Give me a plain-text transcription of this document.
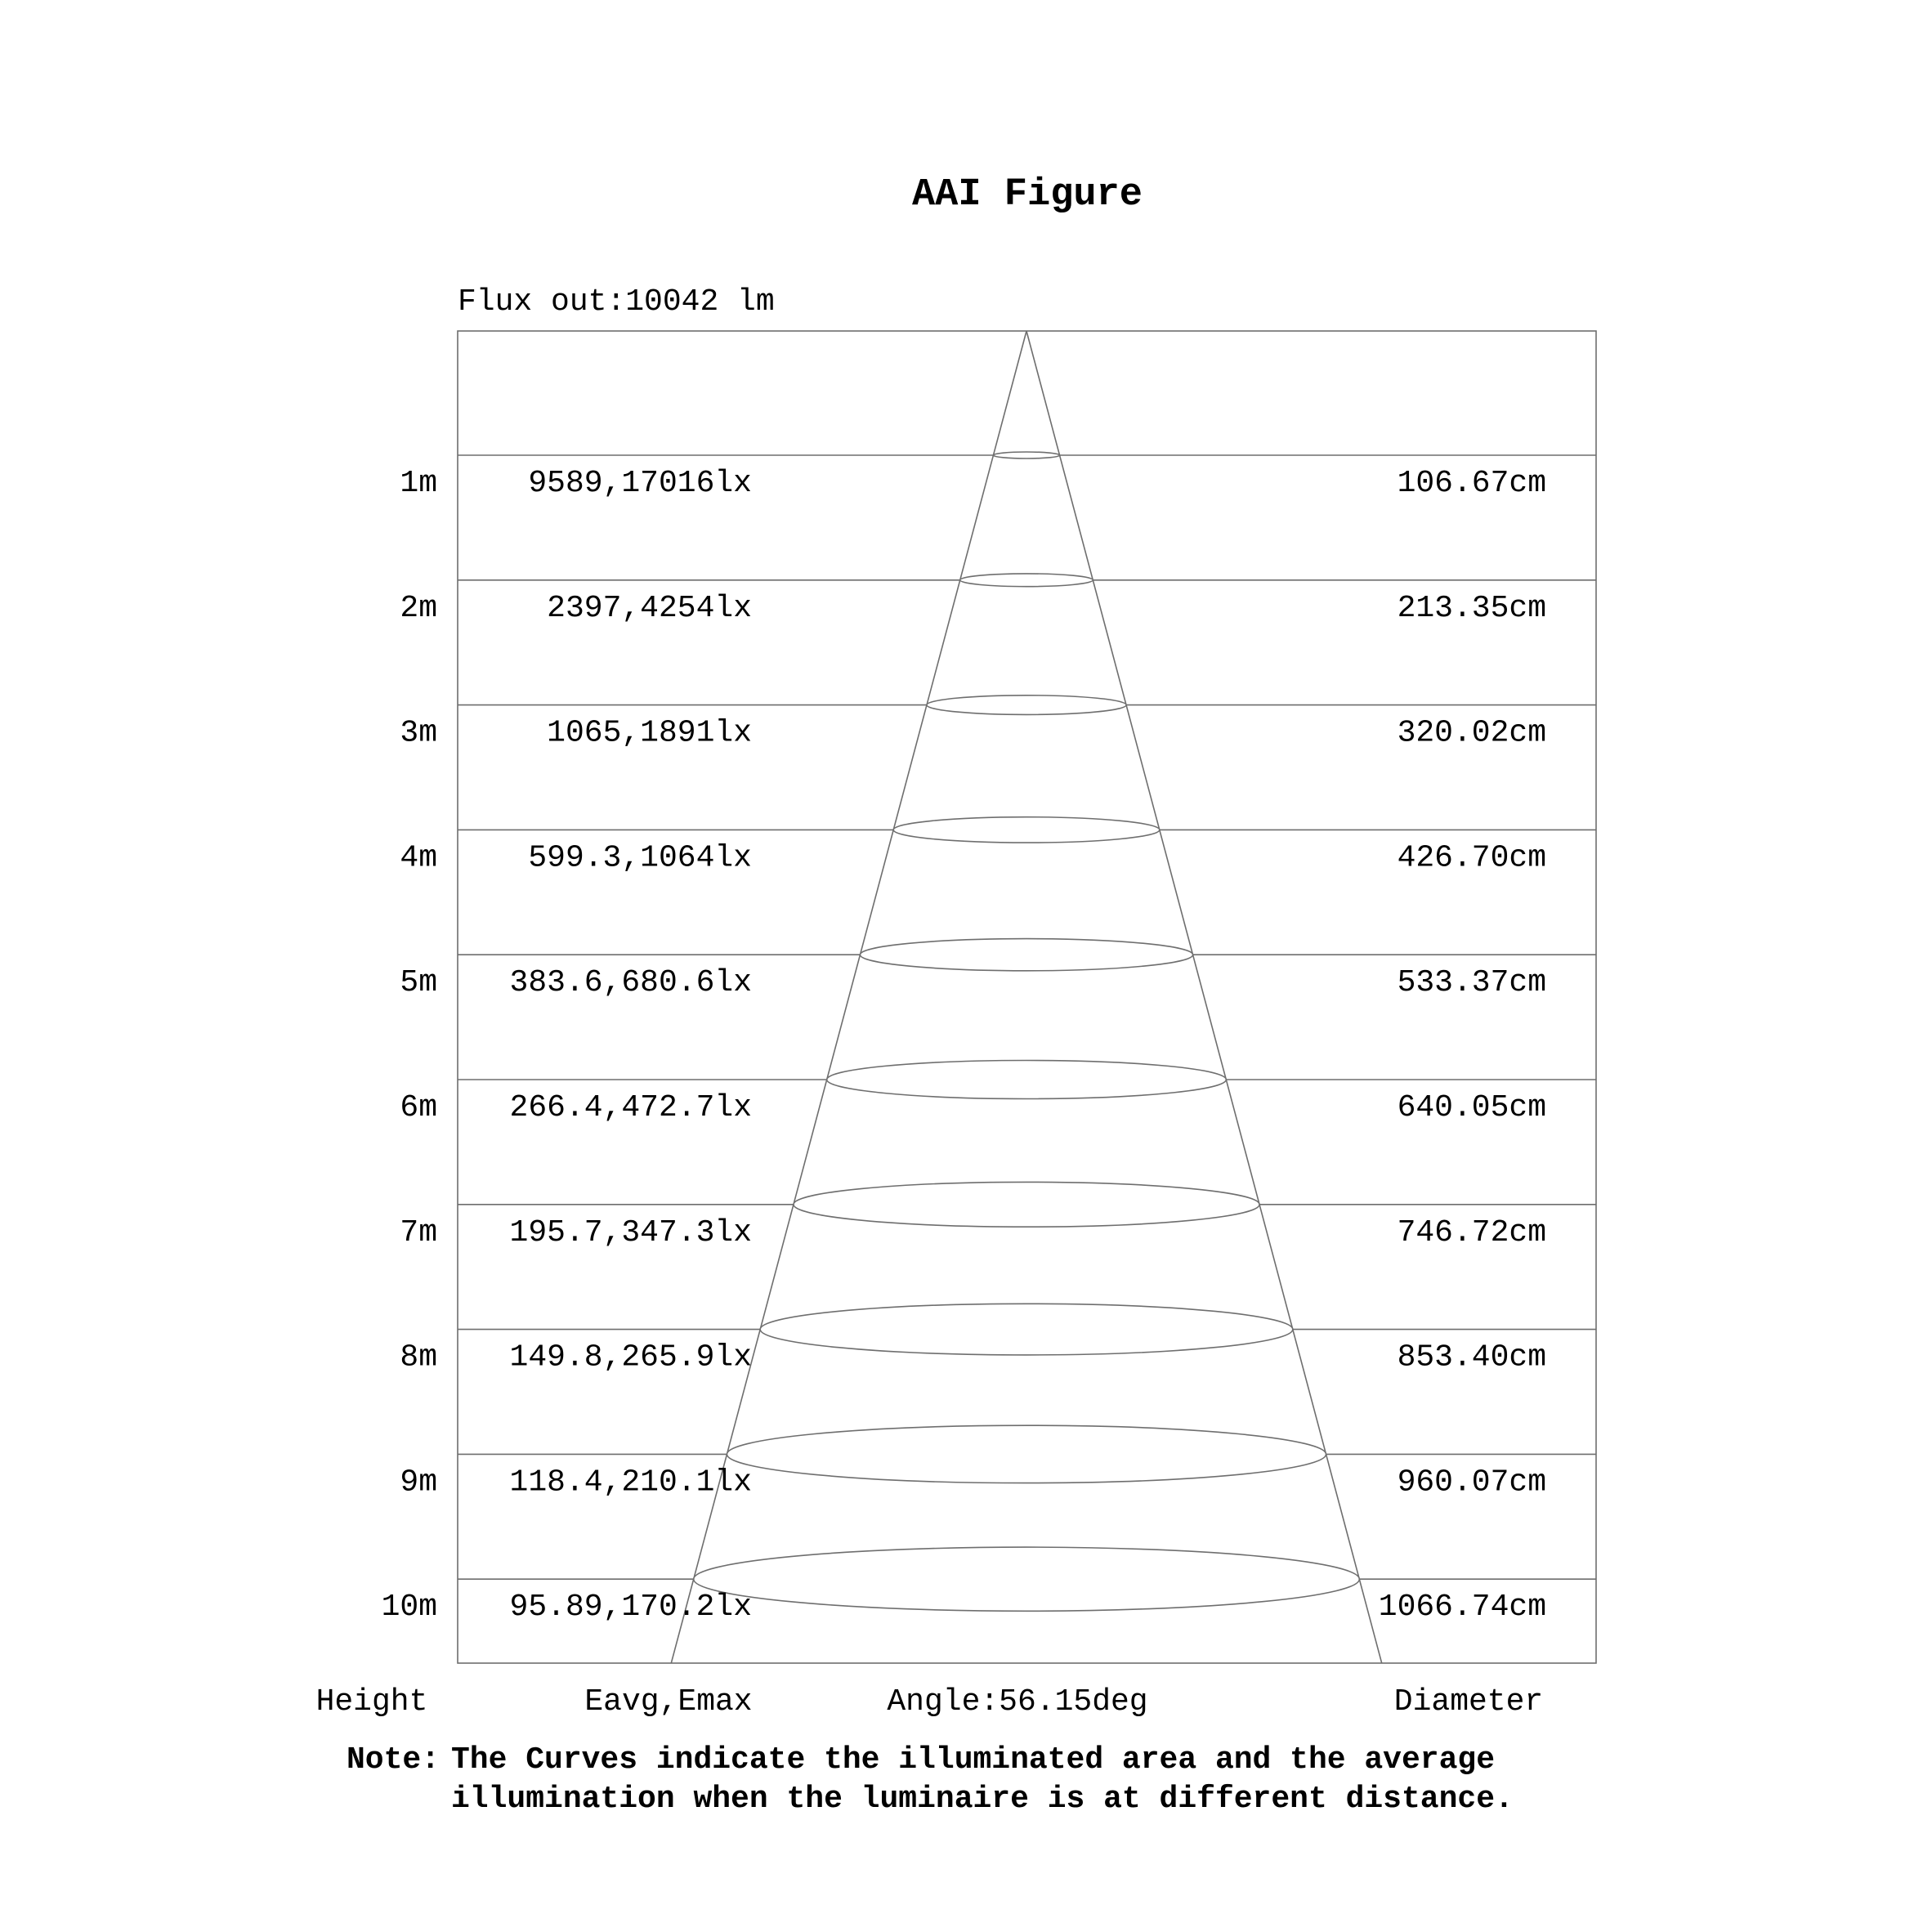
AAI Figure
Flux out:10042 lm
1m	9589,17016lx	106.67cm
2m	2397,4254lx	213.35cm
3m	1065,1891lx	320.02cm
4m	599.3,1064lx	426.70cm
5m 383.6,680.6lx	533.37cm
6m 266.4,472.7lx	640.05cm
7m 195.7,347.3lx	746.72cm
8m 149.8,265.9lx	853.40cm
9m 118.4,210.1lx	960.07cm
10m 95.89,170.2lx	1066.74cm
Height	Eavg,Emax	Angle:56.15deg	Diameter
Note: The Curves indicate the illuminated area and the average
illumination when the luminaire is at different distance.
